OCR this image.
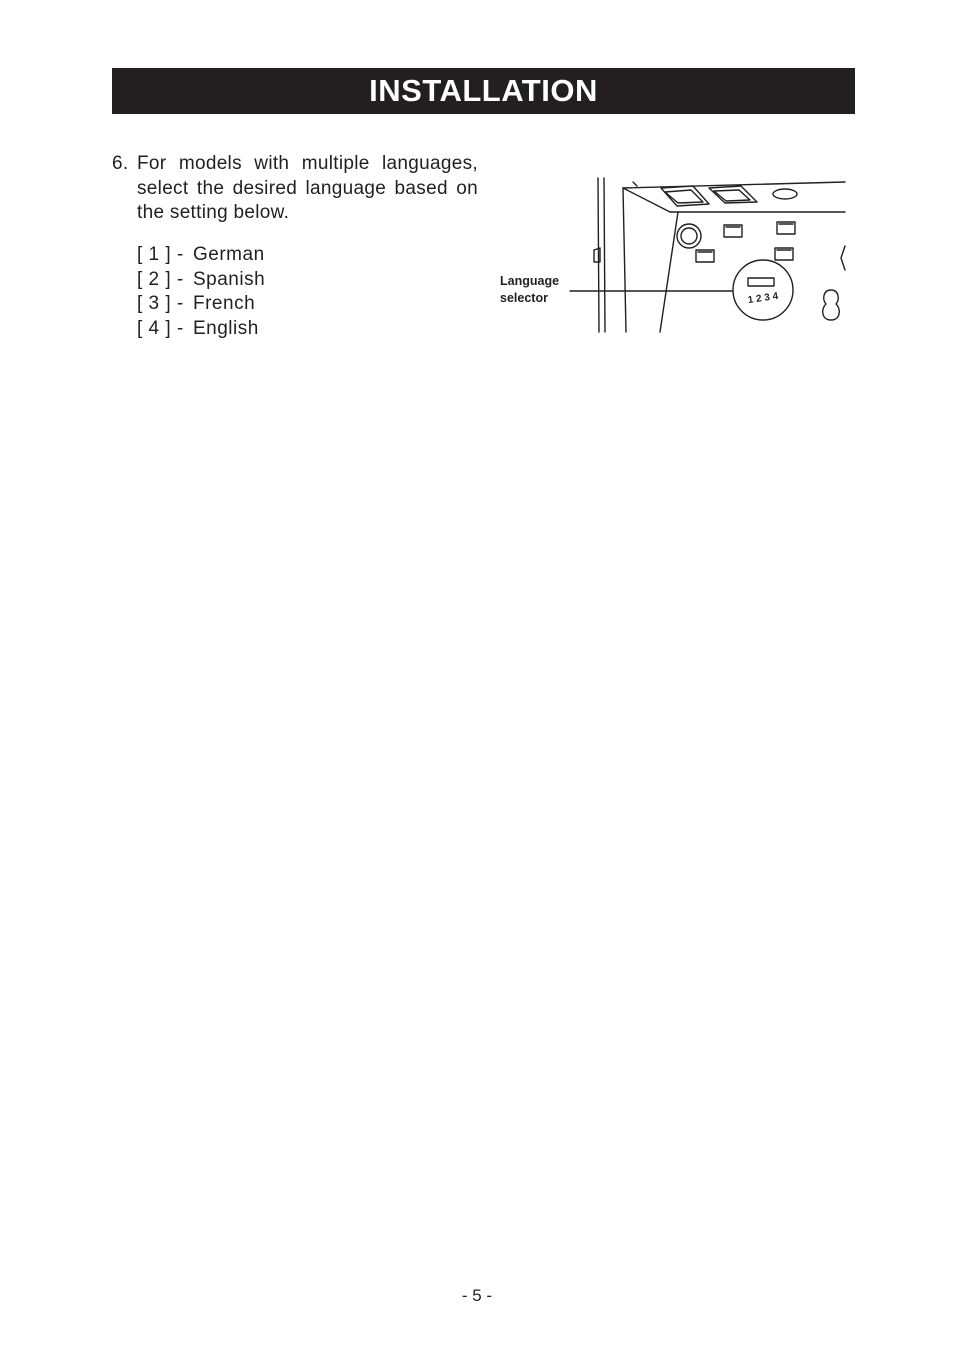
INSTALLATION
6. For models with multiple languages, select the desired language based on the setting below.
[ 1 ] - German
[ 2 ] - Spanish
[ 3 ] - French
[ 4 ] - English
1 2 3 4
Language
selector
- 5 -
